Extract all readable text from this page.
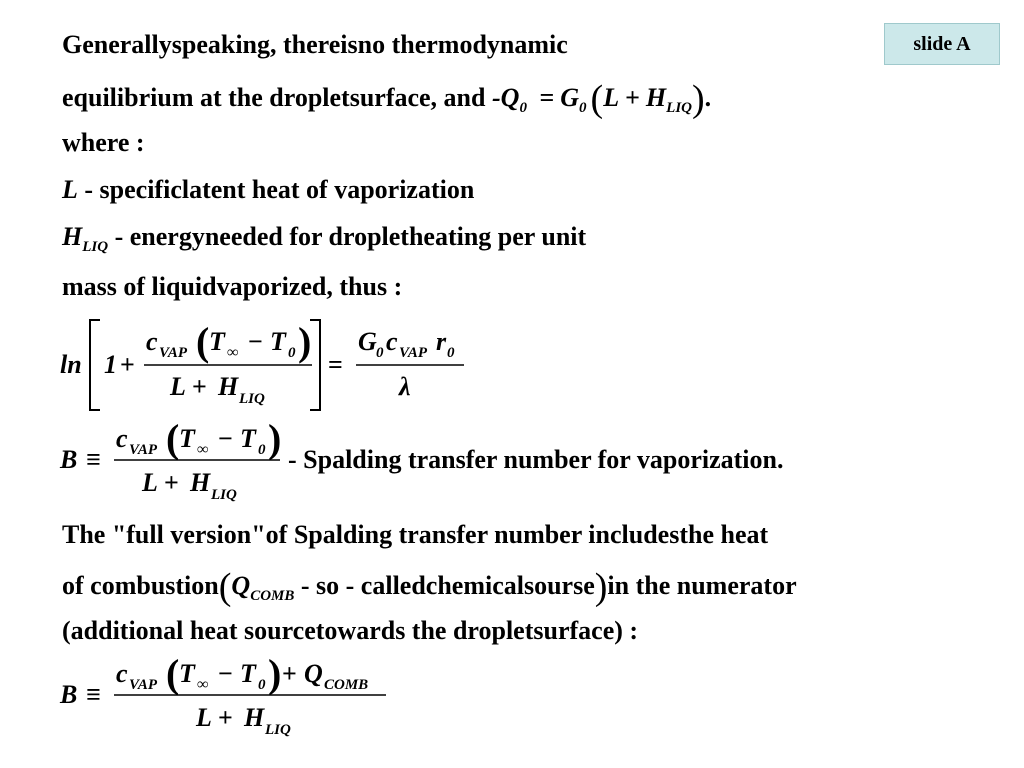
slide A
Generallyspeaking, thereisno thermodynamic
equilibrium at the dropletsurface, and $-Q_0 = G_0$ $(L + H_{LIQ})$.
where :
L - specificlatent heat of vaporization
$H_{LIQ}$ - energyneeded for dropletheating per unit
mass of liquidvaporized, thus :
ln 1 +
c VAP ( T ∞ − T 0 )
L + H LIQ
=
G 0 c VAP r 0
λ
B ≡
c VAP ( T ∞ − T 0 )
L + H LIQ
- Spalding transfer number for vaporization.
The "full version"of Spalding transfer number includesthe heat
of $combustion(Q_{COMB}$ - so - calledchemicalsourse)in the numerator
(additional heat sourcetowards the dropletsurface) :
B ≡
c VAP ( T ∞ − T 0 ) + Q COMB
L + H LIQ
